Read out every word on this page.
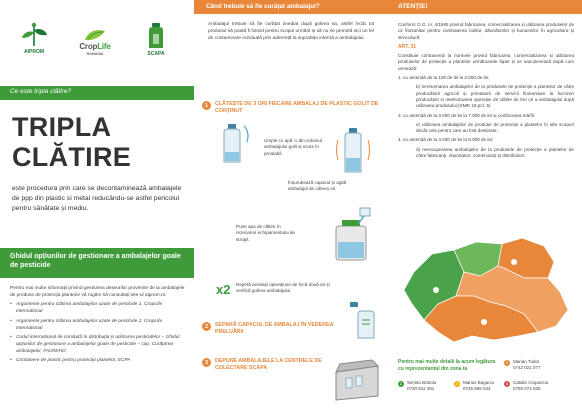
AIPROM
CropLife
ROMANIA	SCAPA
Ce este tripla clătire?
TRIPLA
CLĂTIRE
este procedura prin care se decontaminează ambalajele de ppp din plastic si metal reducându-se astfel pericolul pentru sănătate și mediu.
Ghidul opțiunilor de gestionare a ambalajelor goale de pesticide

Pentru mai multe informații privind gestiunea deșeurilor provenite de la ambalajele de produse de protecția plantelor vă rugăm să consultați site-ul aiprom.ro.

• Argumente pentru clătirea ambalajelor uzate de pesticide 1, CropLife International
• Argumente pentru clătirea ambalajelor uzate de pesticide 2, CropLife International
• Codul international de conduită în distribuția și utilizarea pesticidelor – Ghidul opțiunilor de gestionare a ambalajelor goale de pesticide – cap. Curățarea ambalajelor, FAO/WHO
• Containere de plastic pentru protecția plantelor, ECPA
Când trebuie să fie curățat ambalajul?
Ambalajul trebuie să fie curățat imediat după golirea sa, astfel încât tot produsul să poată fi folosit pentru scopul urmărit și să nu se permită nici un fel de contaminare reziduală prin aderență la suprafața internă a ambalajului.
1	CLĂTEȘTE DE 3 ORI FIECARE AMBALAJ DE PLASTIC GOLIT DE CONȚINUT
Umple cu apă ¼ din volumul ambalajului golit și scurs în prealabil.
Înșurubează capacul și agită ambalajul de câteva ori.
Pune apa de clătire în rezervorul echipamentului de stropit.
x2 Repetă aceeași operațiune de încă două ori și verifică golirea ambalajului.
2	SEPARĂ CAPACUL DE AMBALAJ ÎN VEDEREA PRELUĂRII
3	DEPUNE AMBALAJELE LA CENTRELE DE COLECTARE SCAPA
ATENȚIE!

Conform O.G. nr. 4/1995 privind fabricarea, comercializarea și utilizarea produselor de uz fitosanitar pentru combaterea bolilor, dăunătorilor și buruienilor în agricultura și silvicultură

ART. 31

Constituie contravenții la normele privind fabricarea, comercializarea și utilizarea produselor de protecție a plantelor următoarele fapte și se sancționează după cum urmează:

1. cu amendă de la 100 de lei la 2.000 de lei:

b) nereturnarea ambalajelor de la produsele de protecție a plantelor de către producătorii agricoli și prestatorii de servicii fitosanitare la furnizori producători și neefectuarea operației de clătire de trei ori a ambalajului după utilizarea produsului;(SMR 10-pct. 5)

3. cu amendă de la 3.000 de lei la 7.000 de lei și confiscarea mărfii:

e) utilizarea ambalajelor de produse de protecție a plantelor în alte scopuri decât cele pentru care au fost destinate;

4. cu amendă de la 4.000 de lei la 8.000 de lei:

d) nerecuperarea ambalajelor de la produsele de protecție a plantelor de către fabricanți, importatori, comercianți și distribuitori.

Pentru mai multe detalii la acum legătura cu reprezentantul din zona ta
1	Marian Tudor
0742 021 077
2	Simina Bratolu
0730 811 391
3	Marius Bugaciu
0745 665 043
4	Catalin Ciopanciu
0755 074 825
